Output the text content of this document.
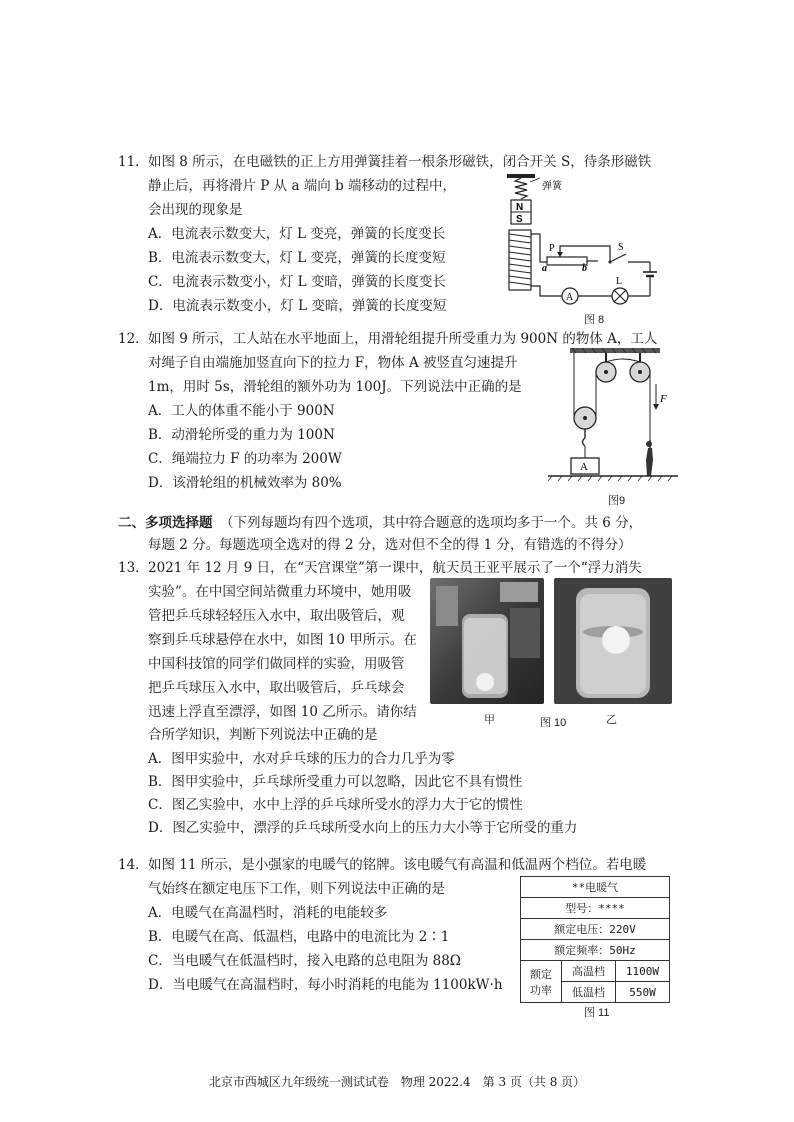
11． 如图 8 所示，在电磁铁的正上方用弹簧挂着一根条形磁铁，闭合开关 S，待条形磁铁
静止后，再将滑片 P 从 a 端向 b 端移动的过程中，
会出现的现象是
A．电流表示数变大，灯 L 变亮，弹簧的长度变长
B．电流表示数变大，灯 L 变亮，弹簧的长度变短
C．电流表示数变小，灯 L 变暗，弹簧的长度变长
D．电流表示数变小，灯 L 变暗，弹簧的长度变短
弹簧
N
S
P
a	b
S
L
A
图 8
12． 如图 9 所示，工人站在水平地面上，用滑轮组提升所受重力为 900N 的物体 A，工人
对绳子自由端施加竖直向下的拉力 F，物体 A 被竖直匀速提升
1m，用时 5s，滑轮组的额外功为 100J。下列说法中正确的是
A．工人的体重不能小于 900N
B．动滑轮所受的重力为 100N
C．绳端拉力 F 的功率为 200W
D．该滑轮组的机械效率为 80%
F
A
图9
二、多项选择题 （下列每题均有四个选项，其中符合题意的选项均多于一个。共 6 分，
每题 2 分。每题选项全选对的得 2 分，选对但不全的得 1 分，有错选的不得分）
13． 2021 年 12 月 9 日，在“天宫课堂”第一课中，航天员王亚平展示了一个“浮力消失
实验”。在中国空间站微重力环境中，她用吸
管把乒乓球轻轻压入水中，取出吸管后，观
察到乒乓球悬停在水中，如图 10 甲所示。在
中国科技馆的同学们做同样的实验，用吸管
把乒乓球压入水中，取出吸管后，乒乓球会
迅速上浮直至漂浮，如图 10 乙所示。请你结
合所学知识，判断下列说法中正确的是
A．图甲实验中，水对乒乓球的压力的合力几乎为零
B．图甲实验中，乒乓球所受重力可以忽略，因此它不具有惯性
C．图乙实验中，水中上浮的乒乓球所受水的浮力大于它的惯性
D．图乙实验中，漂浮的乒乓球所受水向上的压力大小等于它所受的重力
甲	图 10	乙
14． 如图 11 所示，是小强家的电暖气的铭牌。该电暖气有高温和低温两个档位。若电暖
气始终在额定电压下工作，则下列说法中正确的是
A．电暖气在高温档时，消耗的电能较多
B．电暖气在高、低温档，电路中的电流比为 2∶1
C．当电暖气在低温档时，接入电路的总电阻为 88Ω
D．当电暖气在高温档时，每小时消耗的电能为 1100kW·h
**电暖气		
型号：****		
额定电压：220V		
额定频率：50Hz		
额定
功率	高温档	1100W
	低温档	550W
图 11
北京市西城区九年级统一测试试卷　物理 2022.4　第 3 页（共 8 页）
